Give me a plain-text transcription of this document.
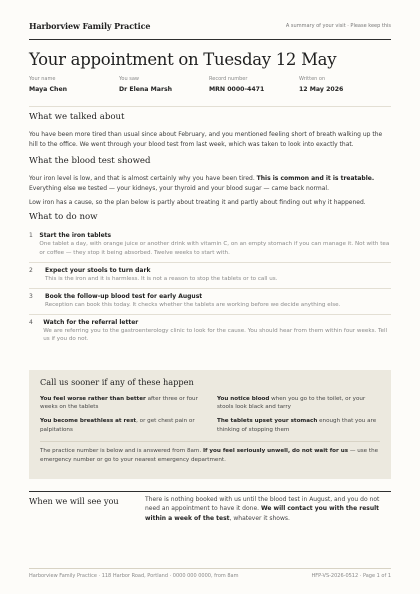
Harborview Family Practice	A summary of your visit · Please keep this
Your appointment on Tuesday 12 May
Your name
Maya Chen
You saw
Dr Elena Marsh
Record number
MRN 0000-4471
Written on
12 May 2026
What we talked about

You have been more tired than usual since about February, and you mentioned feeling short of breath walking up the hill to the office. We went through your blood test from last week, which was taken to look into exactly that.

What the blood test showed

Your iron level is low, and that is almost certainly why you have been tired. This is common and it is treatable. Everything else we tested — your kidneys, your thyroid and your blood sugar — came back normal.

Low iron has a cause, so the plan below is partly about treating it and partly about finding out why it happened.

What to do now
1	Start the iron tablets
One tablet a day, with orange juice or another drink with vitamin C, on an empty stomach if you can manage it. Not with tea or coffee — they stop it being absorbed. Twelve weeks to start with.
2	Expect your stools to turn dark
This is the iron and it is harmless. It is not a reason to stop the tablets or to call us.
3	Book the follow-up blood test for early August
Reception can book this today. It checks whether the tablets are working before we decide anything else.
4	Watch for the referral letter
We are referring you to the gastroenterology clinic to look for the cause. You should hear from them within four weeks. Tell us if you do not.
Call us sooner if any of these happen
You feel worse rather than better after three or four weeks on the tablets
You notice blood when you go to the toilet, or your stools look black and tarry
You become breathless at rest, or get chest pain or palpitations
The tablets upset your stomach enough that you are thinking of stopping them
The practice number is below and is answered from 8am. If you feel seriously unwell, do not wait for us — use the emergency number or go to your nearest emergency department.
When we will see you	There is nothing booked with us until the blood test in August, and you do not need an appointment to have it done. We will contact you with the result within a week of the test, whatever it shows.
Harborview Family Practice · 118 Harbor Road, Portland · 0000 000 0000, from 8am	HFP-VS-2026-0512 · Page 1 of 1
